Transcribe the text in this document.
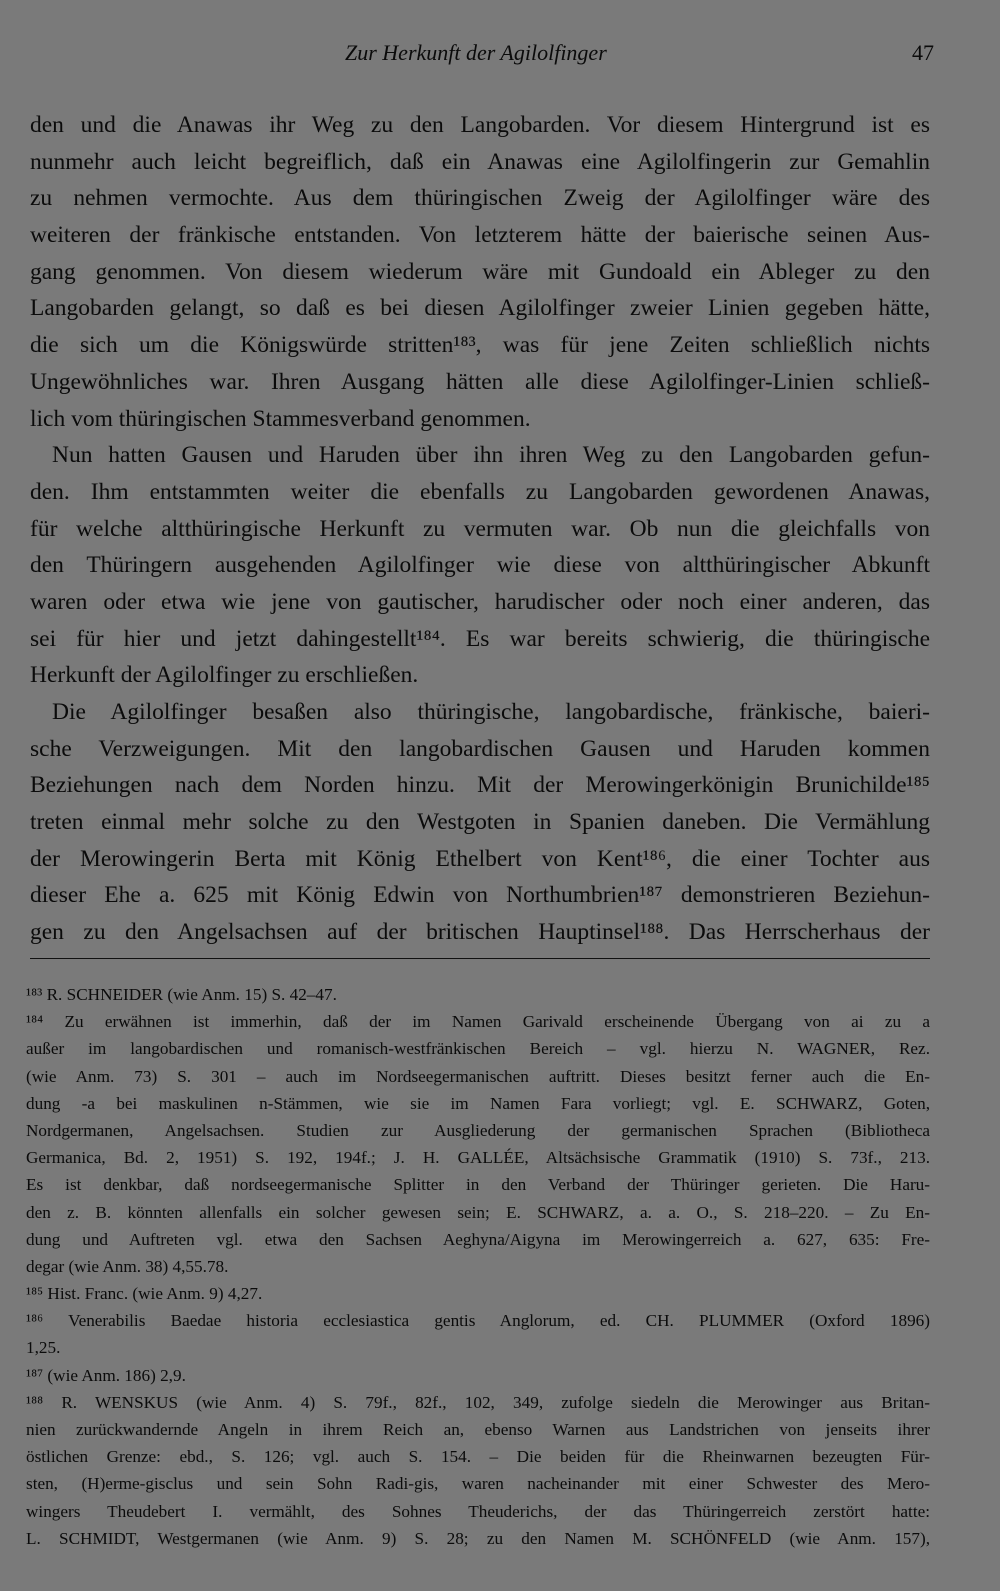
Zur Herkunft der Agilolfinger	47
den und die Anawas ihr Weg zu den Langobarden. Vor diesem Hintergrund ist es
nunmehr auch leicht begreiflich, daß ein Anawas eine Agilolfingerin zur Gemahlin
zu nehmen vermochte. Aus dem thüringischen Zweig der Agilolfinger wäre des
weiteren der fränkische entstanden. Von letzterem hätte der baierische seinen Aus-
gang genommen. Von diesem wiederum wäre mit Gundoald ein Ableger zu den
Langobarden gelangt, so daß es bei diesen Agilolfinger zweier Linien gegeben hätte,
die sich um die Königswürde stritten¹⁸³, was für jene Zeiten schließlich nichts
Ungewöhnliches war. Ihren Ausgang hätten alle diese Agilolfinger-Linien schließ-
lich vom thüringischen Stammesverband genommen.
Nun hatten Gausen und Haruden über ihn ihren Weg zu den Langobarden gefun-
den. Ihm entstammten weiter die ebenfalls zu Langobarden gewordenen Anawas,
für welche altthüringische Herkunft zu vermuten war. Ob nun die gleichfalls von
den Thüringern ausgehenden Agilolfinger wie diese von altthüringischer Abkunft
waren oder etwa wie jene von gautischer, harudischer oder noch einer anderen, das
sei für hier und jetzt dahingestellt¹⁸⁴. Es war bereits schwierig, die thüringische
Herkunft der Agilolfinger zu erschließen.
Die Agilolfinger besaßen also thüringische, langobardische, fränkische, baieri-
sche Verzweigungen. Mit den langobardischen Gausen und Haruden kommen
Beziehungen nach dem Norden hinzu. Mit der Merowingerkönigin Brunichilde¹⁸⁵
treten einmal mehr solche zu den Westgoten in Spanien daneben. Die Vermählung
der Merowingerin Berta mit König Ethelbert von Kent¹⁸⁶, die einer Tochter aus
dieser Ehe a. 625 mit König Edwin von Northumbrien¹⁸⁷ demonstrieren Beziehun-
gen zu den Angelsachsen auf der britischen Hauptinsel¹⁸⁸. Das Herrscherhaus der
¹⁸³ R. SCHNEIDER (wie Anm. 15) S. 42–47.
¹⁸⁴ Zu erwähnen ist immerhin, daß der im Namen Garivald erscheinende Übergang von ai zu a
außer im langobardischen und romanisch-westfränkischen Bereich – vgl. hierzu N. WAGNER, Rez.
(wie Anm. 73) S. 301 – auch im Nordseegermanischen auftritt. Dieses besitzt ferner auch die En-
dung -a bei maskulinen n-Stämmen, wie sie im Namen Fara vorliegt; vgl. E. SCHWARZ, Goten,
Nordgermanen, Angelsachsen. Studien zur Ausgliederung der germanischen Sprachen (Bibliotheca
Germanica, Bd. 2, 1951) S. 192, 194f.; J. H. GALLÉE, Altsächsische Grammatik (1910) S. 73f., 213.
Es ist denkbar, daß nordseegermanische Splitter in den Verband der Thüringer gerieten. Die Haru-
den z. B. könnten allenfalls ein solcher gewesen sein; E. SCHWARZ, a. a. O., S. 218–220. – Zu En-
dung und Auftreten vgl. etwa den Sachsen Aeghyna/Aigyna im Merowingerreich a. 627, 635: Fre-
degar (wie Anm. 38) 4,55.78.
¹⁸⁵ Hist. Franc. (wie Anm. 9) 4,27.
¹⁸⁶ Venerabilis Baedae historia ecclesiastica gentis Anglorum, ed. CH. PLUMMER (Oxford 1896)
1,25.
¹⁸⁷ (wie Anm. 186) 2,9.
¹⁸⁸ R. WENSKUS (wie Anm. 4) S. 79f., 82f., 102, 349, zufolge siedeln die Merowinger aus Britan-
nien zurückwandernde Angeln in ihrem Reich an, ebenso Warnen aus Landstrichen von jenseits ihrer
östlichen Grenze: ebd., S. 126; vgl. auch S. 154. – Die beiden für die Rheinwarnen bezeugten Für-
sten, (H)erme-gisclus und sein Sohn Radi-gis, waren nacheinander mit einer Schwester des Mero-
wingers Theudebert I. vermählt, des Sohnes Theuderichs, der das Thüringerreich zerstört hatte:
L. SCHMIDT, Westgermanen (wie Anm. 9) S. 28; zu den Namen M. SCHÖNFELD (wie Anm. 157),
